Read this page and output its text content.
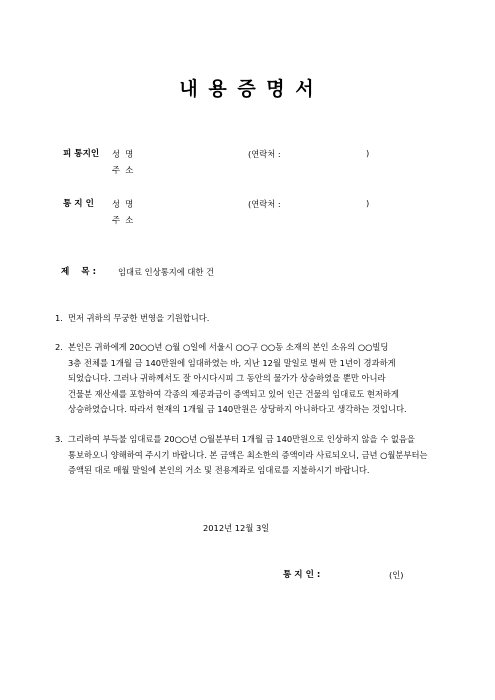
내 용 증 명 서
피 통지인 성  명	(연락처 :	)
주  소
통 지 인 성  명	(연락처 :	)
주  소
제    목 :	임대료 인상통지에 대한 건
1. 먼저 귀하의 무궁한 번영을 기원합니다.
2. 본인은 귀하에게 20○○년 ○월 ○일에 서울시 ○○구 ○○동 소재의 본인 소유의 ○○빌딩
3층 전체를 1개월 금 140만원에 임대하였는 바, 지난 12월 말일로 벌써 만 1년이 경과하게
되었습니다. 그러나 귀하께서도 잘 아시다시피 그 동안의 물가가 상승하였을 뿐만 아니라
건물분 재산세를 포함하여 각종의 제공과금이 증액되고 있어 인근 건물의 임대료도 현저하게
상승하였습니다. 따라서 현재의 1개월 금 140만원은 상당하지 아니하다고 생각하는 것입니다.
3. 그리하여 부득불 임대료를 20○○년 ○월분부터 1개월 금 140만원으로 인상하지 않을 수 없음을
통보하오니 양해하여 주시기 바랍니다. 본 금액은 최소한의 증액이라 사료되오니, 금년 ○월분부터는
증액된 대로 매월 말일에 본인의 거소 및 전용계좌로 임대료를 지불하시기 바랍니다.
2012년 12월 3일
통 지 인 :	(인)
